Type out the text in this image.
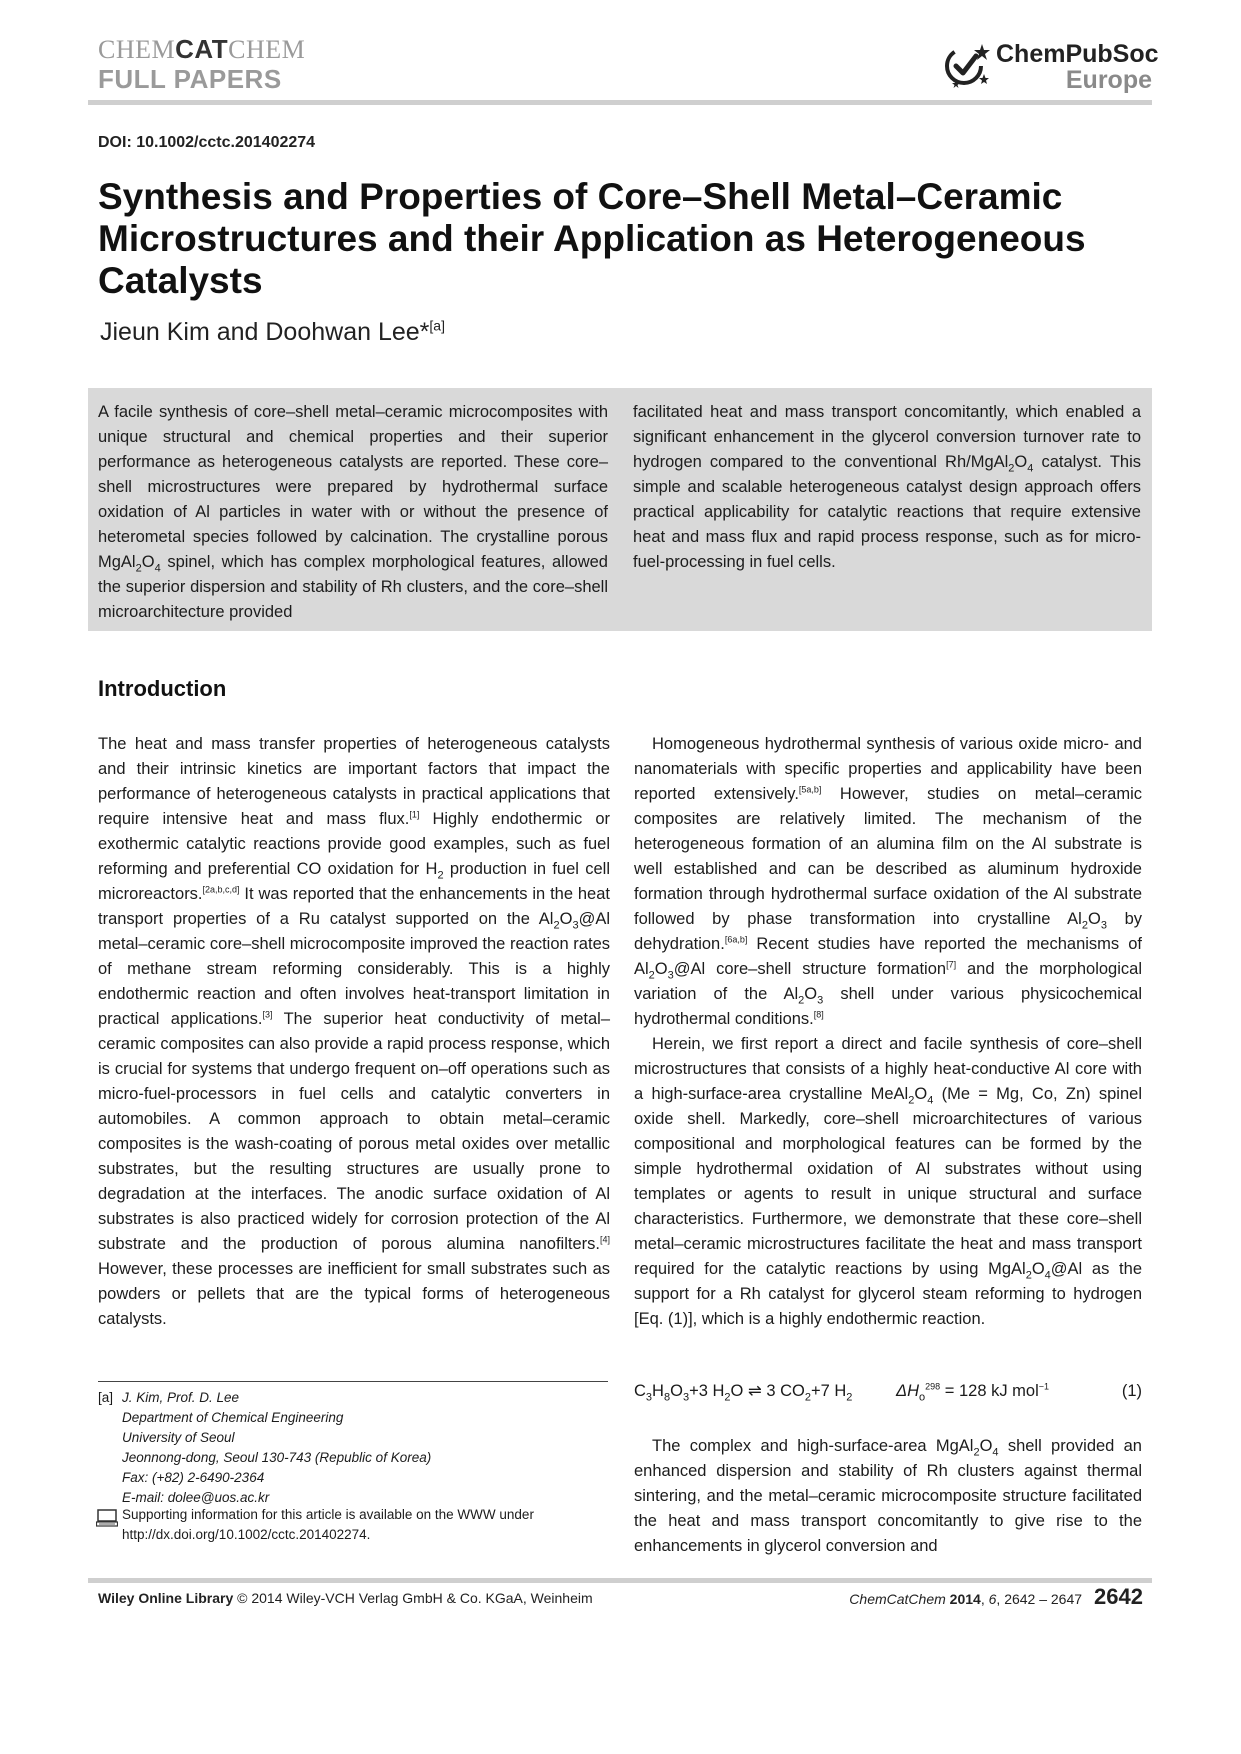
CHEMCATCHEM
FULL PAPERS
ChemPubSoc
Europe
DOI: 10.1002/cctc.201402274
Synthesis and Properties of Core–Shell Metal–Ceramic Microstructures and their Application as Heterogeneous Catalysts
Jieun Kim and Doohwan Lee*[a]

A facile synthesis of core–shell metal–ceramic microcomposites with unique structural and chemical properties and their superior performance as heterogeneous catalysts are reported. These core–shell microstructures were prepared by hydrothermal surface oxidation of Al particles in water with or without the presence of heterometal species followed by calcination. The crystalline porous $MgAl_2O_4$ spinel, which has complex morphological features, allowed the superior dispersion and stability of Rh clusters, and the core–shell microarchitecture provided

facilitated heat and mass transport concomitantly, which enabled a significant enhancement in the glycerol conversion turnover rate to hydrogen compared to the conventional $Rh/MgAl_2O_4$ catalyst. This simple and scalable heterogeneous catalyst design approach offers practical applicability for catalytic reactions that require extensive heat and mass flux and rapid process response, such as for micro-fuel-processing in fuel cells.

Introduction

The heat and mass transfer properties of heterogeneous catalysts and their intrinsic kinetics are important factors that impact the performance of heterogeneous catalysts in practical applications that require intensive heat and mass flux.[1] Highly endothermic or exothermic catalytic reactions provide good examples, such as fuel reforming and preferential CO oxidation for $H_2$ production in fuel cell microreactors.[2a,b,c,d] It was reported that the enhancements in the heat transport properties of a Ru catalyst supported on the $Al_2O_3@Al$ metal–ceramic core–shell microcomposite improved the reaction rates of methane stream reforming considerably. This is a highly endothermic reaction and often involves heat-transport limitation in practical applications.[3] The superior heat conductivity of metal–ceramic composites can also provide a rapid process response, which is crucial for systems that undergo frequent on–off operations such as micro-fuel-processors in fuel cells and catalytic converters in automobiles. A common approach to obtain metal–ceramic composites is the wash-coating of porous metal oxides over metallic substrates, but the resulting structures are usually prone to degradation at the interfaces. The anodic surface oxidation of Al substrates is also practiced widely for corrosion protection of the Al substrate and the production of porous alumina nanofilters.[4] However, these processes are inefficient for small substrates such as powders or pellets that are the typical forms of heterogeneous catalysts.

Homogeneous hydrothermal synthesis of various oxide micro- and nanomaterials with specific properties and applicability have been reported extensively.[5a,b] However, studies on metal–ceramic composites are relatively limited. The mechanism of the heterogeneous formation of an alumina film on the Al substrate is well established and can be described as aluminum hydroxide formation through hydrothermal surface oxidation of the Al substrate followed by phase transformation into crystalline $Al_2O_3$ by dehydration.[6a,b] Recent studies have reported the mechanisms of $Al_2O_3@Al$ core–shell structure formation[7] and the morphological variation of the $Al_2O_3$ shell under various physicochemical hydrothermal conditions.[8]

Herein, we first report a direct and facile synthesis of core–shell microstructures that consists of a highly heat-conductive Al core with a high-surface-area crystalline $MeAl_2O_4$ (Me = Mg, Co, Zn) spinel oxide shell. Markedly, core–shell microarchitectures of various compositional and morphological features can be formed by the simple hydrothermal oxidation of Al substrates without using templates or agents to result in unique structural and surface characteristics. Furthermore, we demonstrate that these core–shell metal–ceramic microstructures facilitate the heat and mass transport required for the catalytic reactions by using $MgAl_2O_4@Al$ as the support for a Rh catalyst for glycerol steam reforming to hydrogen [Eq. (1)], which is a highly endothermic reaction.

$C_3H_8O_3+3$ $H_2O$ ⇌ 3 $CO_2+7$ $H_2$	$\Delta H_o^{298} = 128$ kJ mol$^{-1}$	(1)

The complex and high-surface-area $MgAl_2O_4$ shell provided an enhanced dispersion and stability of Rh clusters against thermal sintering, and the metal–ceramic microcomposite structure facilitated the heat and mass transport concomitantly to give rise to the enhancements in glycerol conversion and

[a] J. Kim, Prof. D. Lee
Department of Chemical Engineering
University of Seoul
Jeonnong-dong, Seoul 130-743 (Republic of Korea)
Fax: (+82) 2-6490-2364
E-mail: dolee@uos.ac.kr
Supporting information for this article is available on the WWW under http://dx.doi.org/10.1002/cctc.201402274.
Wiley Online Library © 2014 Wiley-VCH Verlag GmbH & Co. KGaA, Weinheim	ChemCatChem 2014, 6, 2642 – 2647 2642
